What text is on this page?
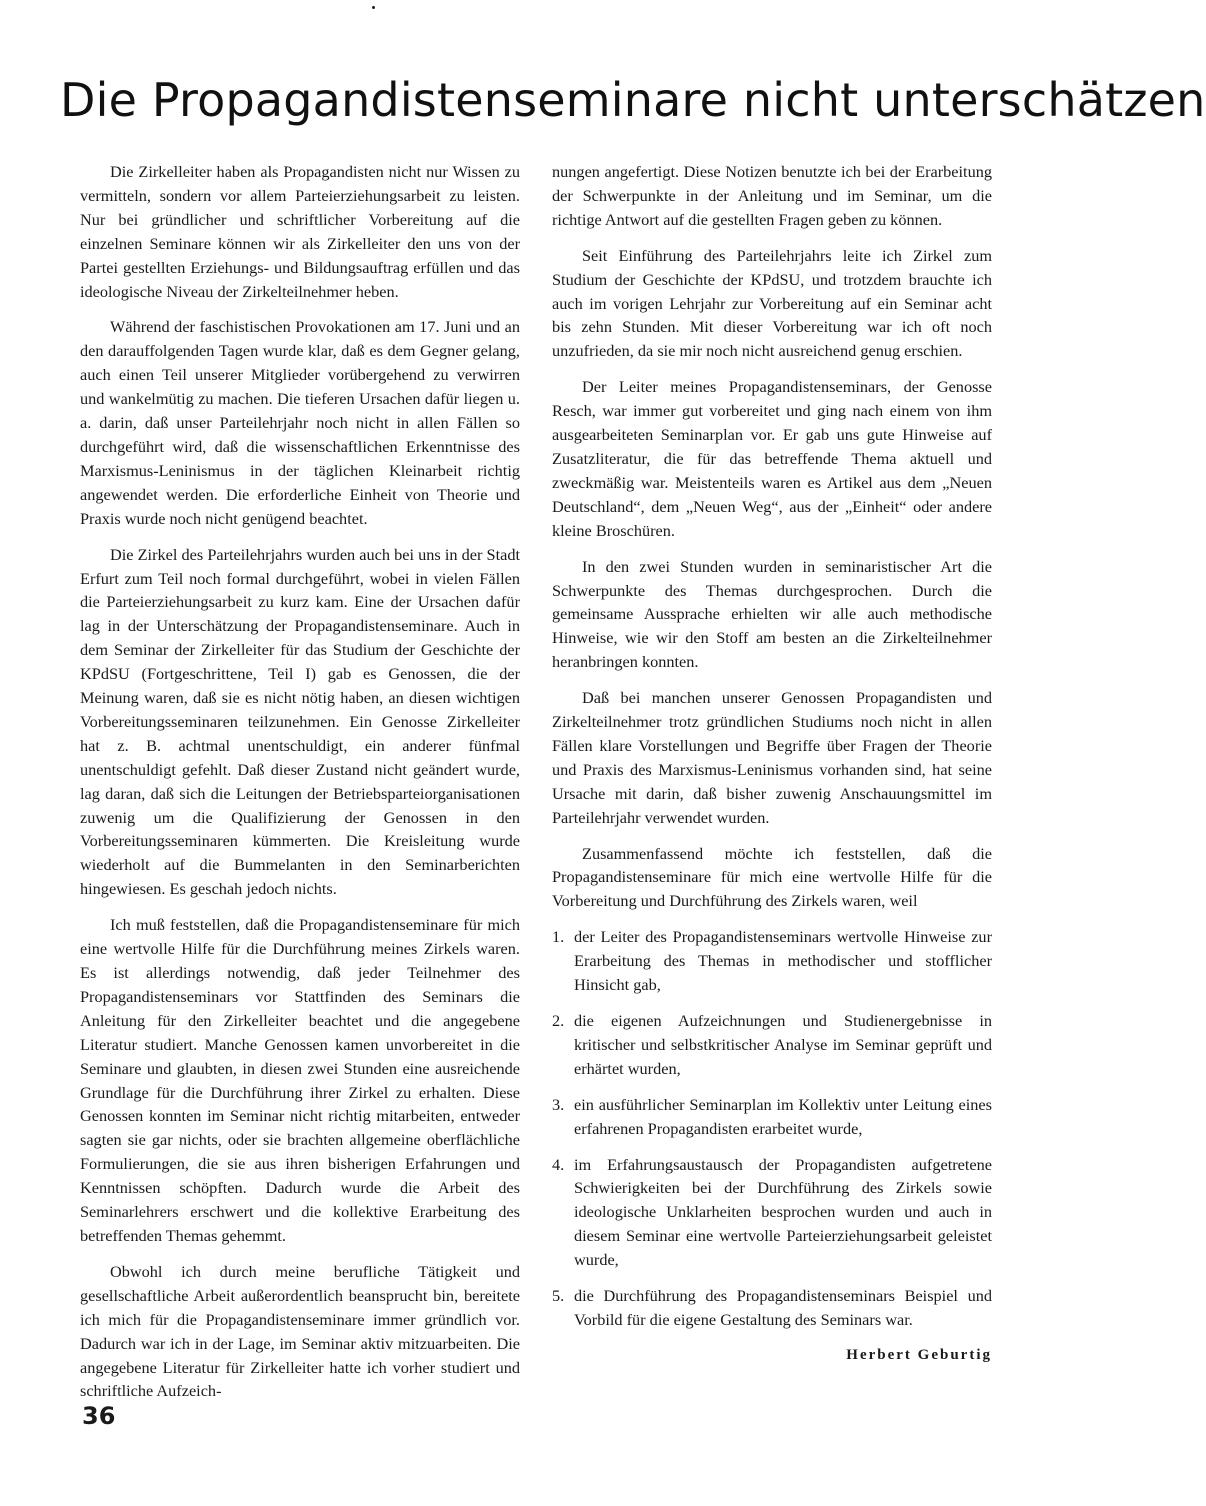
Die Propagandistenseminare nicht unterschätzen

Die Zirkelleiter haben als Propagandisten nicht nur Wissen zu vermitteln, sondern vor allem Parteierziehungsarbeit zu leisten. Nur bei gründlicher und schriftlicher Vorbereitung auf die einzelnen Seminare können wir als Zirkelleiter den uns von der Partei gestellten Erziehungs- und Bildungsauftrag erfüllen und das ideologische Niveau der Zirkelteilnehmer heben.

Während der faschistischen Provokationen am 17. Juni und an den darauffolgenden Tagen wurde klar, daß es dem Gegner gelang, auch einen Teil unserer Mitglieder vorübergehend zu verwirren und wankelmütig zu machen. Die tieferen Ursachen dafür liegen u. a. darin, daß unser Parteilehrjahr noch nicht in allen Fällen so durchgeführt wird, daß die wissenschaftlichen Erkenntnisse des Marxismus-Leninismus in der täglichen Kleinarbeit richtig angewendet werden. Die erforderliche Einheit von Theorie und Praxis wurde noch nicht genügend beachtet.

Die Zirkel des Parteilehrjahrs wurden auch bei uns in der Stadt Erfurt zum Teil noch formal durchgeführt, wobei in vielen Fällen die Parteierziehungsarbeit zu kurz kam. Eine der Ursachen dafür lag in der Unterschätzung der Propagandistenseminare. Auch in dem Seminar der Zirkelleiter für das Studium der Geschichte der KPdSU (Fortgeschrittene, Teil I) gab es Genossen, die der Meinung waren, daß sie es nicht nötig haben, an diesen wichtigen Vorbereitungsseminaren teilzunehmen. Ein Genosse Zirkelleiter hat z. B. achtmal unentschuldigt, ein anderer fünfmal unentschuldigt gefehlt. Daß dieser Zustand nicht geändert wurde, lag daran, daß sich die Leitungen der Betriebsparteiorganisationen zuwenig um die Qualifizierung der Genossen in den Vorbereitungsseminaren kümmerten. Die Kreisleitung wurde wiederholt auf die Bummelanten in den Seminarberichten hingewiesen. Es geschah jedoch nichts.

Ich muß feststellen, daß die Propagandistenseminare für mich eine wertvolle Hilfe für die Durchführung meines Zirkels waren. Es ist allerdings notwendig, daß jeder Teilnehmer des Propagandistenseminars vor Stattfinden des Seminars die Anleitung für den Zirkelleiter beachtet und die angegebene Literatur studiert. Manche Genossen kamen unvorbereitet in die Seminare und glaubten, in diesen zwei Stunden eine ausreichende Grundlage für die Durchführung ihrer Zirkel zu erhalten. Diese Genossen konnten im Seminar nicht richtig mitarbeiten, entweder sagten sie gar nichts, oder sie brachten allgemeine oberflächliche Formulierungen, die sie aus ihren bisherigen Erfahrungen und Kenntnissen schöpften. Dadurch wurde die Arbeit des Seminarlehrers erschwert und die kollektive Erarbeitung des betreffenden Themas gehemmt.

Obwohl ich durch meine berufliche Tätigkeit und gesellschaftliche Arbeit außerordentlich beansprucht bin, bereitete ich mich für die Propagandistenseminare immer gründlich vor. Dadurch war ich in der Lage, im Seminar aktiv mitzuarbeiten. Die angegebene Literatur für Zirkelleiter hatte ich vorher studiert und schriftliche Aufzeich-

nungen angefertigt. Diese Notizen benutzte ich bei der Erarbeitung der Schwerpunkte in der Anleitung und im Seminar, um die richtige Antwort auf die gestellten Fragen geben zu können.

Seit Einführung des Parteilehrjahrs leite ich Zirkel zum Studium der Geschichte der KPdSU, und trotzdem brauchte ich auch im vorigen Lehrjahr zur Vorbereitung auf ein Seminar acht bis zehn Stunden. Mit dieser Vorbereitung war ich oft noch unzufrieden, da sie mir noch nicht ausreichend genug erschien.

Der Leiter meines Propagandistenseminars, der Genosse Resch, war immer gut vorbereitet und ging nach einem von ihm ausgearbeiteten Seminarplan vor. Er gab uns gute Hinweise auf Zusatzliteratur, die für das betreffende Thema aktuell und zweckmäßig war. Meistenteils waren es Artikel aus dem „Neuen Deutschland“, dem „Neuen Weg“, aus der „Einheit“ oder andere kleine Broschüren.

In den zwei Stunden wurden in seminaristischer Art die Schwerpunkte des Themas durchgesprochen. Durch die gemeinsame Aussprache erhielten wir alle auch methodische Hinweise, wie wir den Stoff am besten an die Zirkelteilnehmer heranbringen konnten.

Daß bei manchen unserer Genossen Propagandisten und Zirkelteilnehmer trotz gründlichen Studiums noch nicht in allen Fällen klare Vorstellungen und Begriffe über Fragen der Theorie und Praxis des Marxismus-Leninismus vorhanden sind, hat seine Ursache mit darin, daß bisher zuwenig Anschauungsmittel im Parteilehrjahr verwendet wurden.

Zusammenfassend möchte ich feststellen, daß die Propagandistenseminare für mich eine wertvolle Hilfe für die Vorbereitung und Durchführung des Zirkels waren, weil

1. der Leiter des Propagandistenseminars wertvolle Hinweise zur Erarbeitung des Themas in methodischer und stofflicher Hinsicht gab,
2. die eigenen Aufzeichnungen und Studienergebnisse in kritischer und selbstkritischer Analyse im Seminar geprüft und erhärtet wurden,
3. ein ausführlicher Seminarplan im Kollektiv unter Leitung eines erfahrenen Propagandisten erarbeitet wurde,
4. im Erfahrungsaustausch der Propagandisten aufgetretene Schwierigkeiten bei der Durchführung des Zirkels sowie ideologische Unklarheiten besprochen wurden und auch in diesem Seminar eine wertvolle Parteierziehungsarbeit geleistet wurde,
5. die Durchführung des Propagandistenseminars Beispiel und Vorbild für die eigene Gestaltung des Seminars war.
Herbert Geburtig
36
